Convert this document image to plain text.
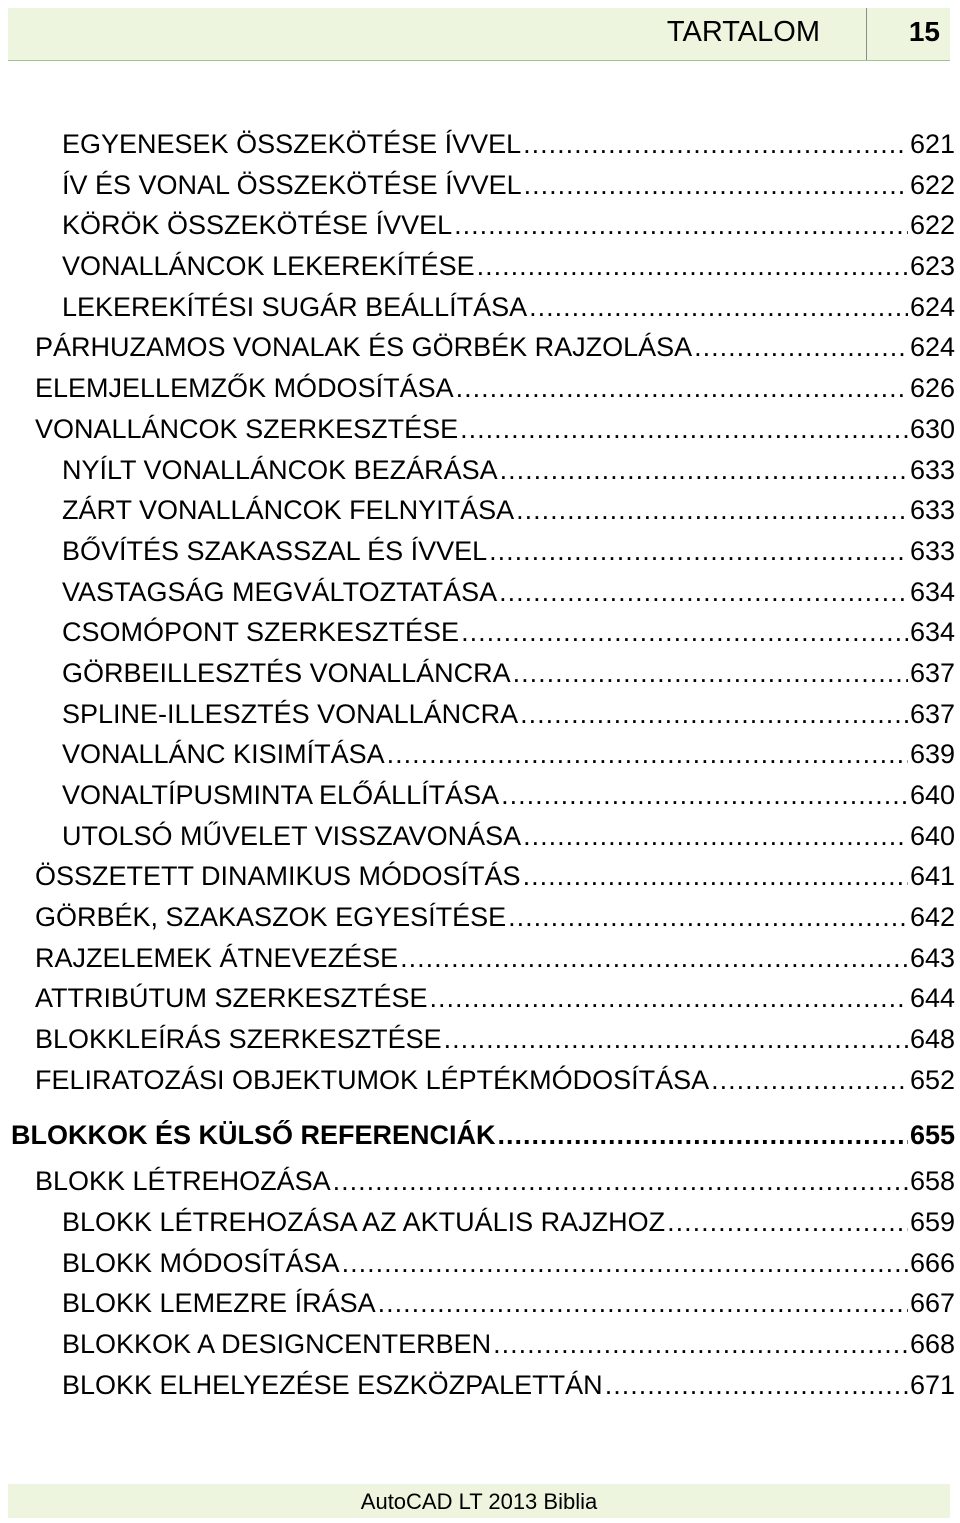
TARTALOM	15
EGYENESEK ÖSSZEKÖTÉSE ÍVVEL .....	621
ÍV ÉS VONAL ÖSSZEKÖTÉSE ÍVVEL .....	622
KÖRÖK ÖSSZEKÖTÉSE ÍVVEL .....	622
VONALLÁNCOK LEKEREKÍTÉSE .....	623
LEKEREKÍTÉSI SUGÁR BEÁLLÍTÁSA .....	624
PÁRHUZAMOS VONALAK ÉS GÖRBÉK RAJZOLÁSA .....	624
ELEMJELLEMZŐK MÓDOSÍTÁSA .....	626
VONALLÁNCOK SZERKESZTÉSE .....	630
NYÍLT VONALLÁNCOK BEZÁRÁSA .....	633
ZÁRT VONALLÁNCOK FELNYITÁSA .....	633
BŐVÍTÉS SZAKASSZAL ÉS ÍVVEL .....	633
VASTAGSÁG MEGVÁLTOZTATÁSA .....	634
CSOMÓPONT SZERKESZTÉSE .....	634
GÖRBEILLESZTÉS VONALLÁNCRA .....	637
SPLINE-ILLESZTÉS VONALLÁNCRA .....	637
VONALLÁNC KISIMÍTÁSA .....	639
VONALTÍPUSMINTA ELŐÁLLÍTÁSA .....	640
UTOLSÓ MŰVELET VISSZAVONÁSA .....	640
ÖSSZETETT DINAMIKUS MÓDOSÍTÁS .....	641
GÖRBÉK, SZAKASZOK EGYESÍTÉSE .....	642
RAJZELEMEK ÁTNEVEZÉSE .....	643
ATTRIBÚTUM SZERKESZTÉSE .....	644
BLOKKLEÍRÁS SZERKESZTÉSE .....	648
FELIRATOZÁSI OBJEKTUMOK LÉPTÉKMÓDOSÍTÁSA .....	652
BLOKKOK ÉS KÜLSŐ REFERENCIÁK .....	655
BLOKK LÉTREHOZÁSA .....	658
BLOKK LÉTREHOZÁSA AZ AKTUÁLIS RAJZHOZ .....	659
BLOKK MÓDOSÍTÁSA .....	666
BLOKK LEMEZRE ÍRÁSA .....	667
BLOKKOK A DESIGNCENTERBEN .....	668
BLOKK ELHELYEZÉSE ESZKÖZPALETTÁN .....	671
AutoCAD LT 2013 Biblia
